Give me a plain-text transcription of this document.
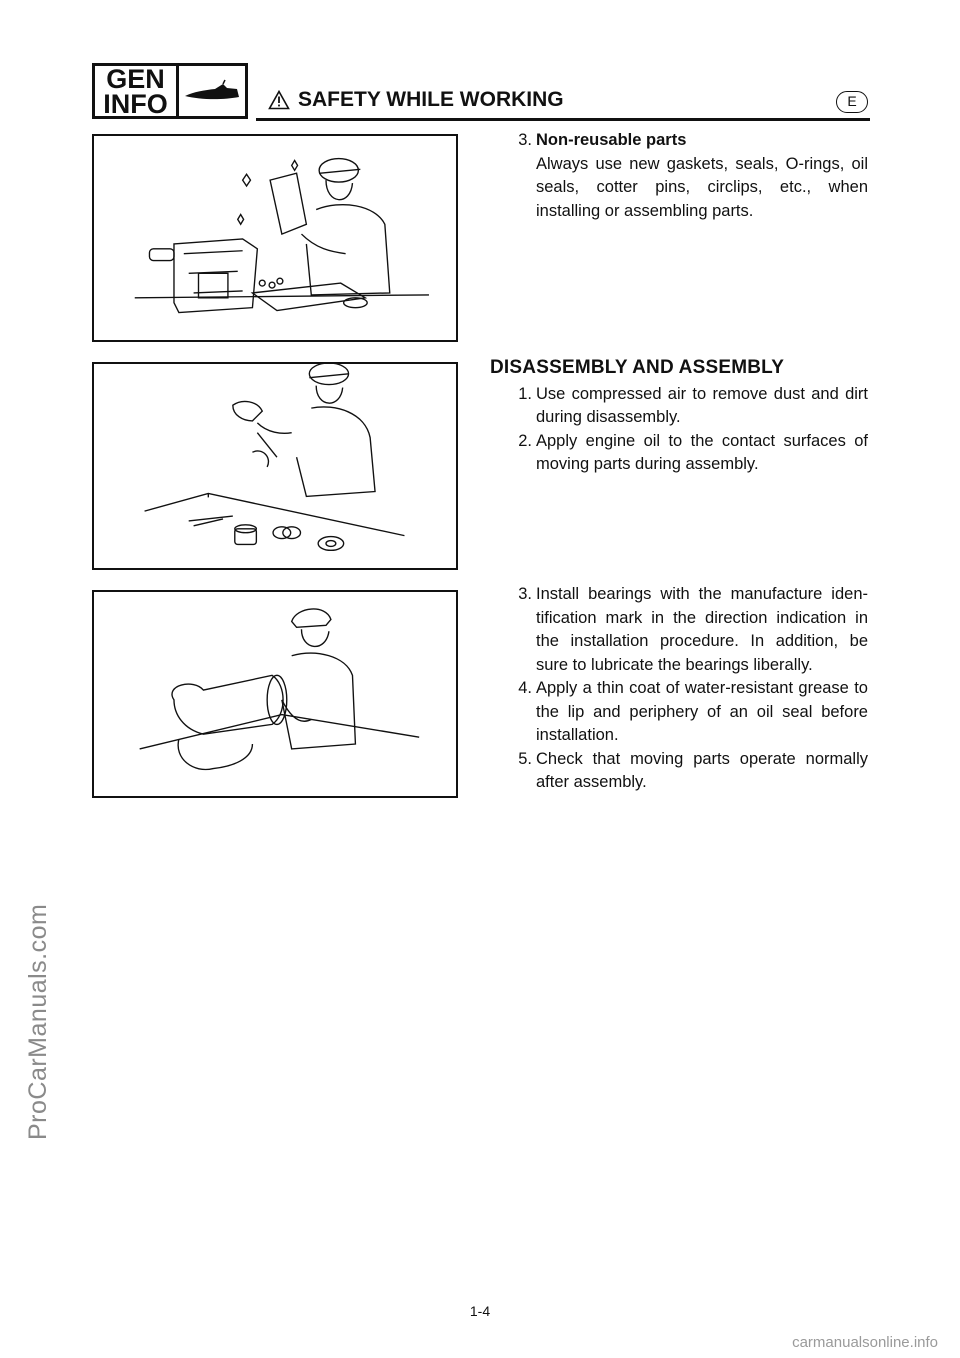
ProCarManuals.com
GEN
INFO	SAFETY WHILE WORKING	E
3. Non-reusable parts
Always use new gaskets, seals, O-rings, oil seals, cotter pins, circlips, etc., when installing or assembling parts.
DISASSEMBLY AND ASSEMBLY
1. Use compressed air to remove dust and dirt during disassembly.
2. Apply engine oil to the contact surfaces of moving parts during assembly.
3. Install bearings with the manufacture iden-tification mark in the direction indication in the installation procedure. In addition, be sure to lubricate the bearings liberally.
4. Apply a thin coat of water-resistant grease to the lip and periphery of an oil seal before installation.
5. Check that moving parts operate normally after assembly.
1-4
carmanualsonline.info
